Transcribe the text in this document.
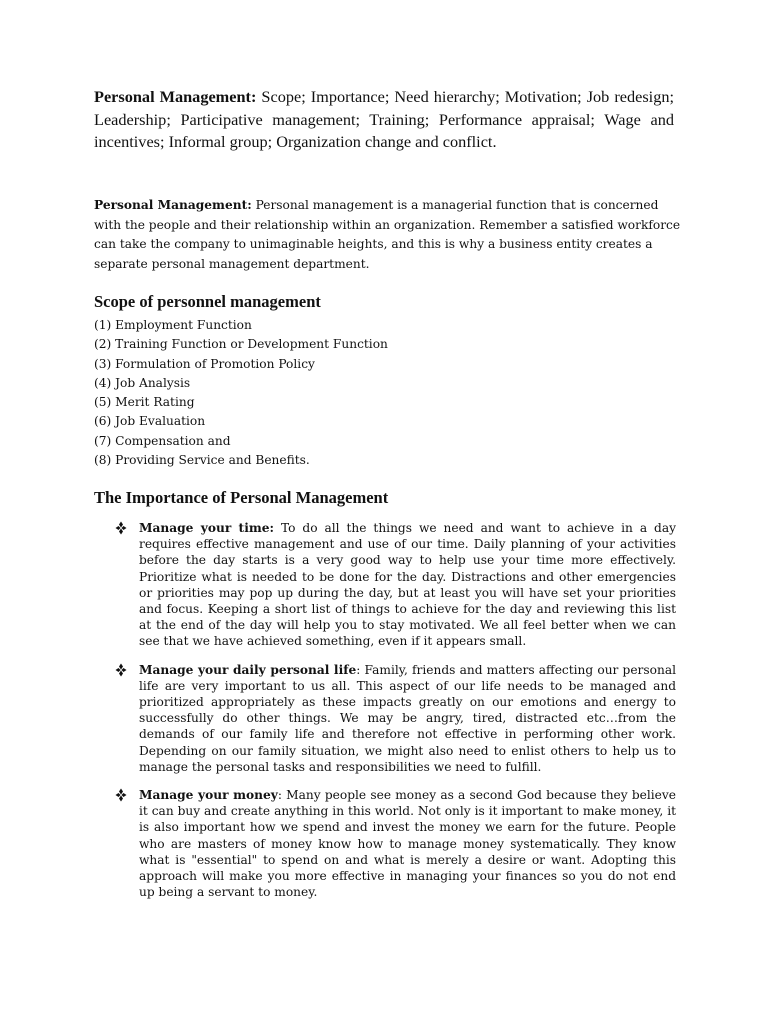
Personal Management: Scope; Importance; Need hierarchy; Motivation; Job redesign; Leadership; Participative management; Training; Performance appraisal; Wage and incentives; Informal group; Organization change and conflict.
Personal Management: Personal management is a managerial function that is concerned with the people and their relationship within an organization. Remember a satisfied workforce can take the company to unimaginable heights, and this is why a business entity creates a separate personal management department.
Scope of personnel management
(1) Employment Function
(2) Training Function or Development Function
(3) Formulation of Promotion Policy
(4) Job Analysis
(5) Merit Rating
(6) Job Evaluation
(7) Compensation and
(8) Providing Service and Benefits.
The Importance of Personal Management
Manage your time: To do all the things we need and want to achieve in a day requires effective management and use of our time. Daily planning of your activities before the day starts is a very good way to help use your time more effectively. Prioritize what is needed to be done for the day. Distractions and other emergencies or priorities may pop up during the day, but at least you will have set your priorities and focus. Keeping a short list of things to achieve for the day and reviewing this list at the end of the day will help you to stay motivated. We all feel better when we can see that we have achieved something, even if it appears small.
Manage your daily personal life: Family, friends and matters affecting our personal life are very important to us all. This aspect of our life needs to be managed and prioritized appropriately as these impacts greatly on our emotions and energy to successfully do other things. We may be angry, tired, distracted etc…from the demands of our family life and therefore not effective in performing other work. Depending on our family situation, we might also need to enlist others to help us to manage the personal tasks and responsibilities we need to fulfill.
Manage your money: Many people see money as a second God because they believe it can buy and create anything in this world. Not only is it important to make money, it is also important how we spend and invest the money we earn for the future. People who are masters of money know how to manage money systematically. They know what is "essential" to spend on and what is merely a desire or want. Adopting this approach will make you more effective in managing your finances so you do not end up being a servant to money.
